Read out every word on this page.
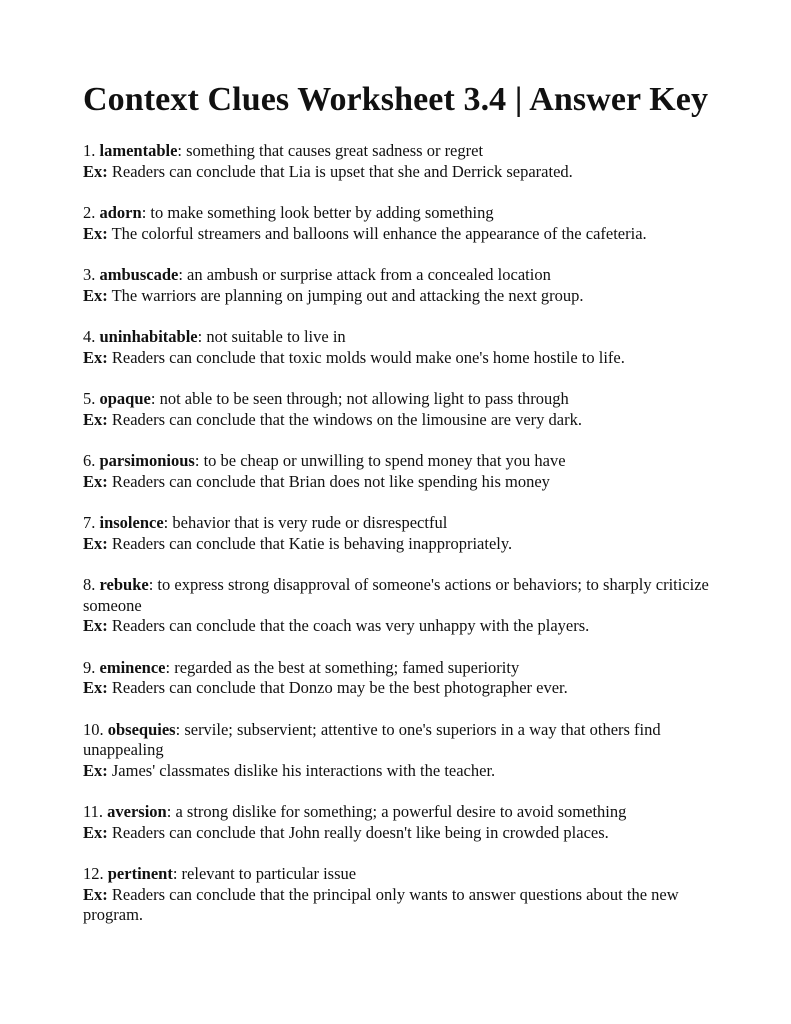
Context Clues Worksheet 3.4 | Answer Key
1. lamentable: something that causes great sadness or regret
Ex: Readers can conclude that Lia is upset that she and Derrick separated.
2. adorn: to make something look better by adding something
Ex: The colorful streamers and balloons will enhance the appearance of the cafeteria.
3. ambuscade: an ambush or surprise attack from a concealed location
Ex: The warriors are planning on jumping out and attacking the next group.
4. uninhabitable: not suitable to live in
Ex: Readers can conclude that toxic molds would make one's home hostile to life.
5. opaque: not able to be seen through; not allowing light to pass through
Ex: Readers can conclude that the windows on the limousine are very dark.
6. parsimonious: to be cheap or unwilling to spend money that you have
Ex: Readers can conclude that Brian does not like spending his money
7. insolence: behavior that is very rude or disrespectful
Ex: Readers can conclude that Katie is behaving inappropriately.
8. rebuke: to express strong disapproval of someone's actions or behaviors; to sharply criticize someone
Ex: Readers can conclude that the coach was very unhappy with the players.
9. eminence: regarded as the best at something; famed superiority
Ex: Readers can conclude that Donzo may be the best photographer ever.
10. obsequies: servile; subservient; attentive to one's superiors in a way that others find unappealing
Ex: James' classmates dislike his interactions with the teacher.
11. aversion: a strong dislike for something; a powerful desire to avoid something
Ex: Readers can conclude that John really doesn't like being in crowded places.
12. pertinent: relevant to particular issue
Ex: Readers can conclude that the principal only wants to answer questions about the new program.
